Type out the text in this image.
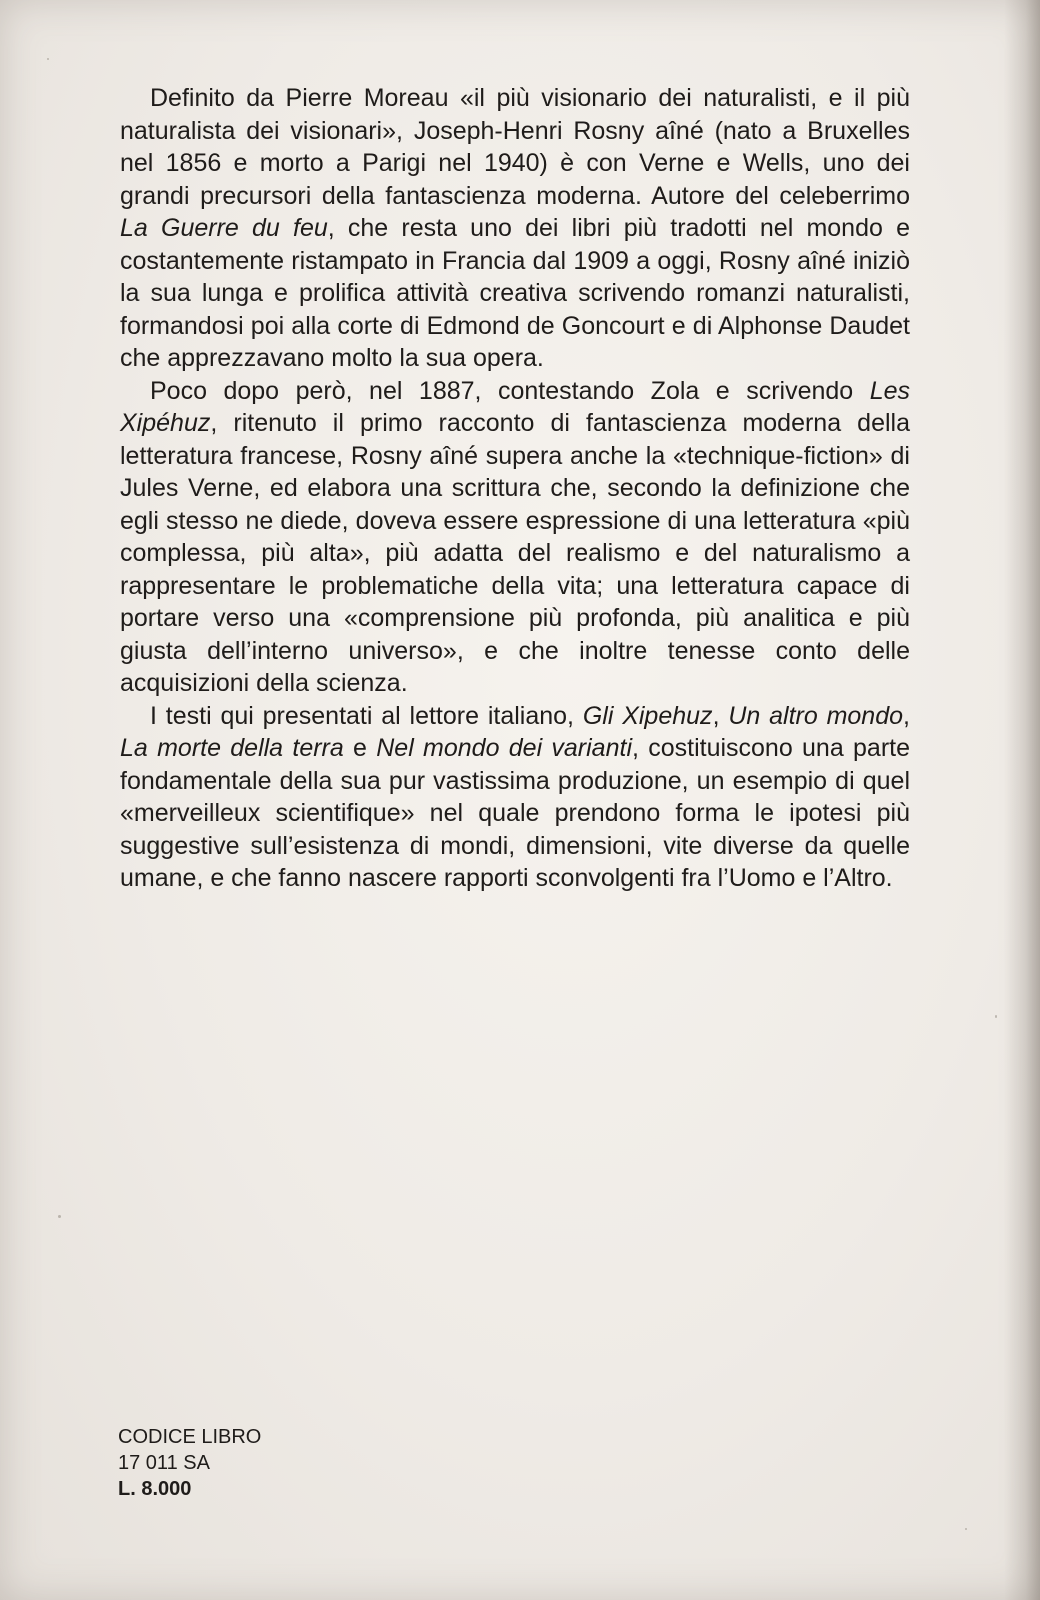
Definito da Pierre Moreau «il più visionario dei naturalisti, e il più naturalista dei visionari», Joseph-Henri Rosny aîné (nato a Bruxelles nel 1856 e morto a Parigi nel 1940) è con Verne e Wells, uno dei grandi precursori della fantascienza moderna. Autore del celeberrimo La Guerre du feu, che resta uno dei libri più tradotti nel mondo e costantemente ristampato in Francia dal 1909 a oggi, Rosny aîné iniziò la sua lunga e prolifica attività creativa scrivendo romanzi naturalisti, formandosi poi alla corte di Edmond de Goncourt e di Alphonse Daudet che apprezzavano molto la sua opera.

Poco dopo però, nel 1887, contestando Zola e scrivendo Les Xipéhuz, ritenuto il primo racconto di fantascienza moderna della letteratura francese, Rosny aîné supera anche la «technique-fiction» di Jules Verne, ed elabora una scrittura che, secondo la definizione che egli stesso ne diede, doveva essere espressione di una letteratura «più complessa, più alta», più adatta del realismo e del naturalismo a rappresentare le problematiche della vita; una letteratura capace di portare verso una «comprensione più profonda, più analitica e più giusta dell’interno universo», e che inoltre tenesse conto delle acquisizioni della scienza.

I testi qui presentati al lettore italiano, Gli Xipehuz, Un altro mondo, La morte della terra e Nel mondo dei varianti, costituiscono una parte fondamentale della sua pur vastissima produzione, un esempio di quel «merveilleux scientifique» nel quale prendono forma le ipotesi più suggestive sull’esistenza di mondi, dimensioni, vite diverse da quelle umane, e che fanno nascere rapporti sconvolgenti fra l’Uomo e l’Altro.

CODICE LIBRO
17 011 SA
L. 8.000
